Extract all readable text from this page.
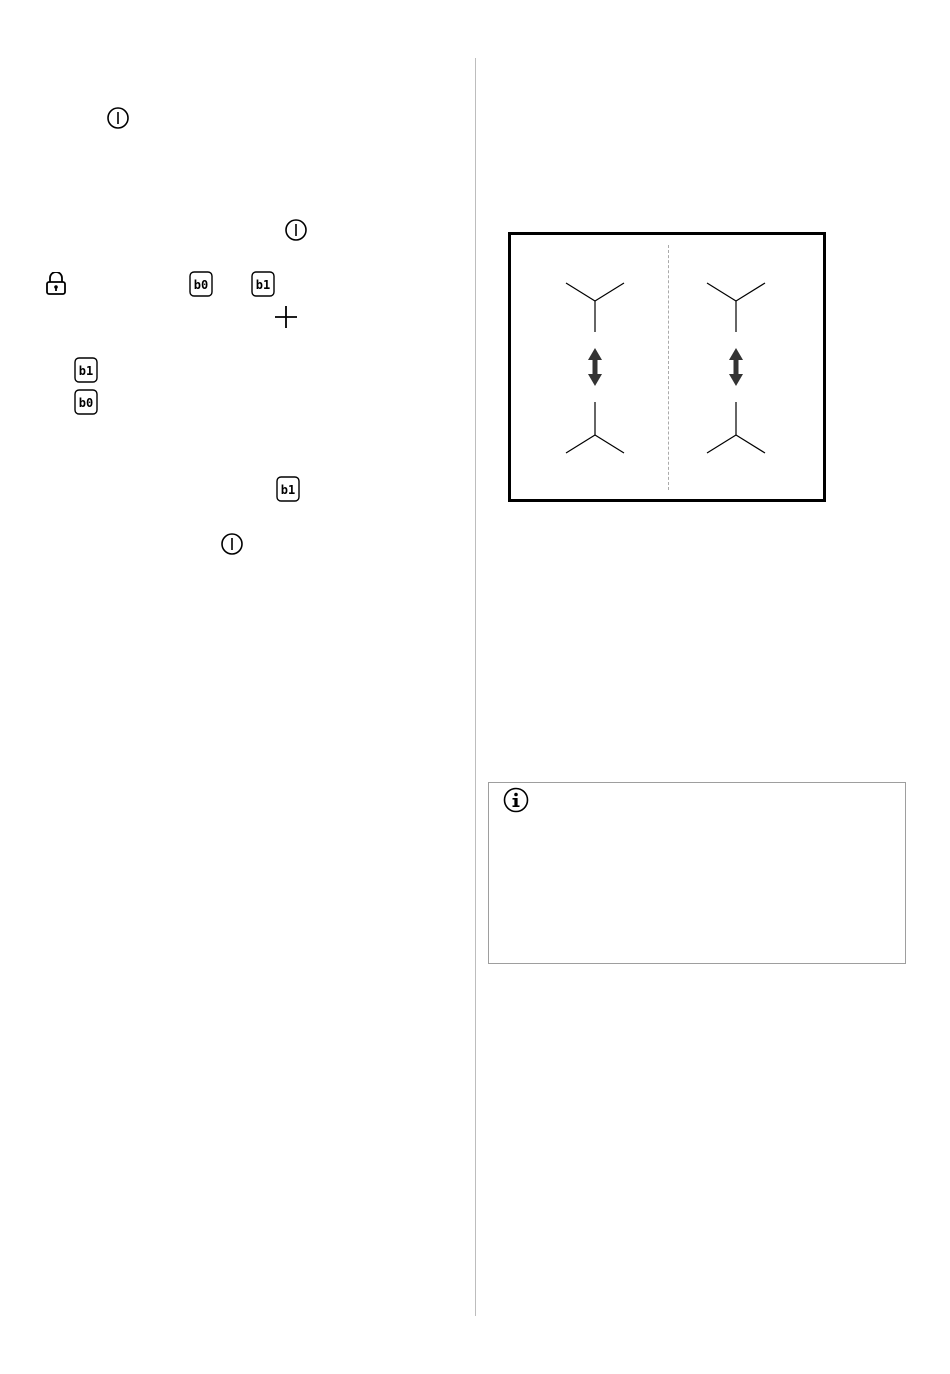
b0	b1
b1
b0
b1
